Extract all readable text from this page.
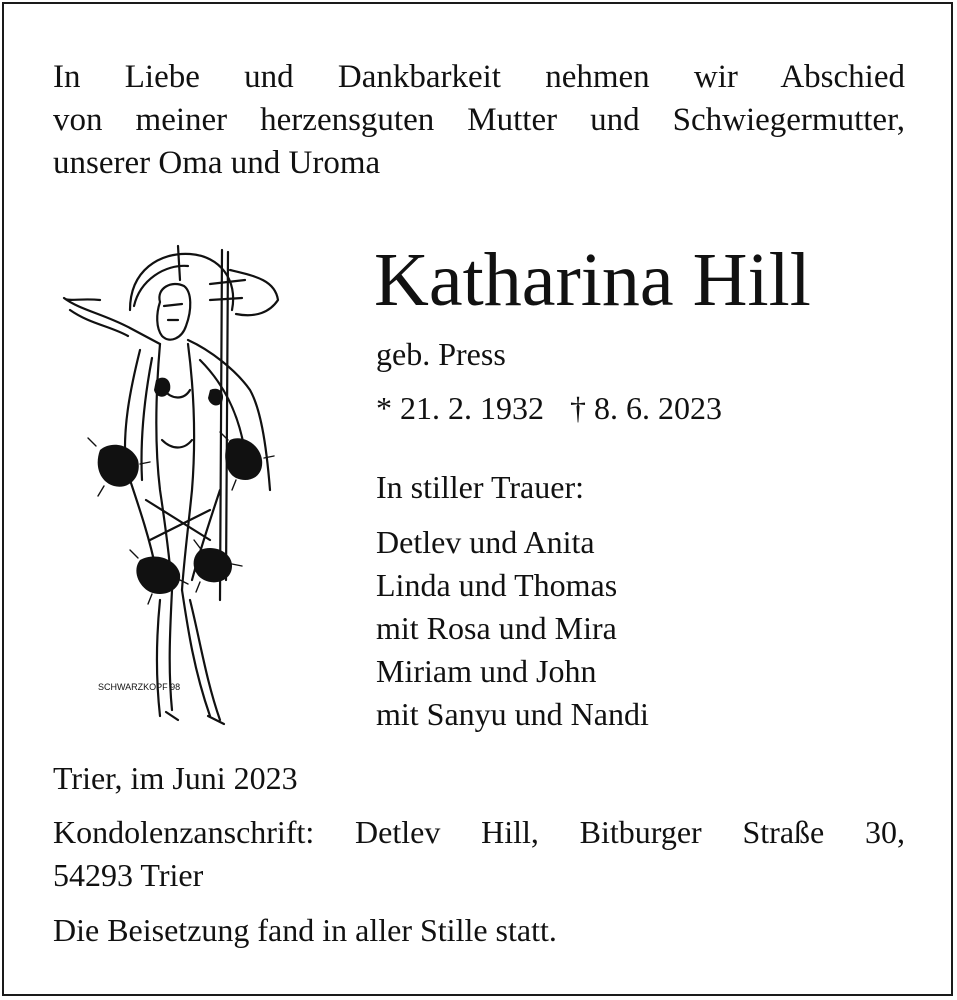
In Liebe und Dankbarkeit nehmen wir Abschied
von meiner herzensguten Mutter und Schwiegermutter,
unserer Oma und Uroma
SCHWARZKOPF 98
Katharina Hill
geb. Press
* 21. 2. 1932 † 8. 6. 2023
In stiller Trauer:
Detlev und Anita
Linda und Thomas
mit Rosa und Mira
Miriam und John
mit Sanyu und Nandi
Trier, im Juni 2023
Kondolenzanschrift: Detlev Hill, Bitburger Straße 30,
54293 Trier
Die Beisetzung fand in aller Stille statt.
